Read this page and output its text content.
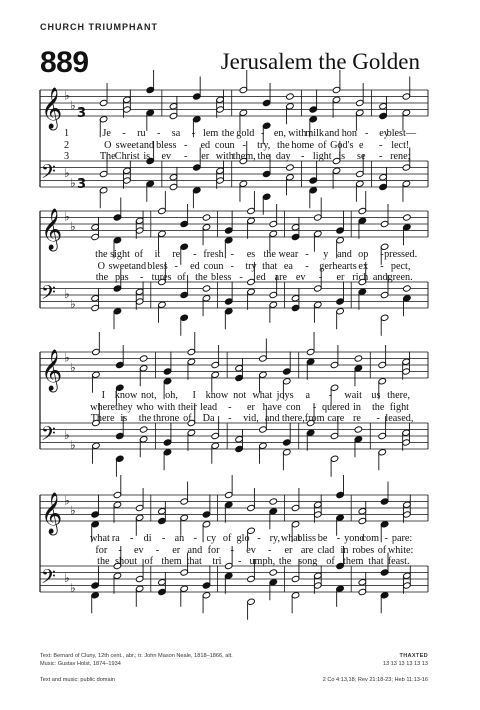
CHURCH TRIUMPHANT
889	Jerusalem the Golden
𝄞 ♭
♭
3
𝄢 ♭
♭ 3
1	Je - ru - sa - lem the gold - en, with
milk and hon - ey
blest—
2	O sweet and bless - ed coun - try, the home of God's e - lect!
3	The Christ is ev - er with
them, the day - light is se - rene;
𝄞 ♭
♭
𝄢 ♭
♭
the sight of it re - fresh - es the wear - y and op - pressed.
O sweet and bless - ed coun - try that ea - ger hearts ex - pect,
the pas - tures of the bless - ed are ev - er rich and green.
𝄞 ♭
♭
𝄢 ♭
♭
I know not, oh, I know not what joys a - wait us there,
where they who with their lead - er have con - quered in the fight
There is the throne of Da - vid, and there, from care re - leased,
𝄞 ♭
♭
𝄢 ♭
♭
what ra - di - an - cy of glo - ry, what
bliss be - yond
com - pare:
for - ev - er and for - ev - er are clad in robes of white:
the shout of them that tri - umph, the song of them that feast.
Text: Bernard of Cluny, 12th cent., abr.; tr. John Mason Neale, 1818–1866, alt.
Music: Gustav Holst, 1874–1934
THAXTED
13 13 13 13 13 13
Text and music: public domain	2 Co 4:13,18; Rev 21:18-23; Heb 11:13-16
